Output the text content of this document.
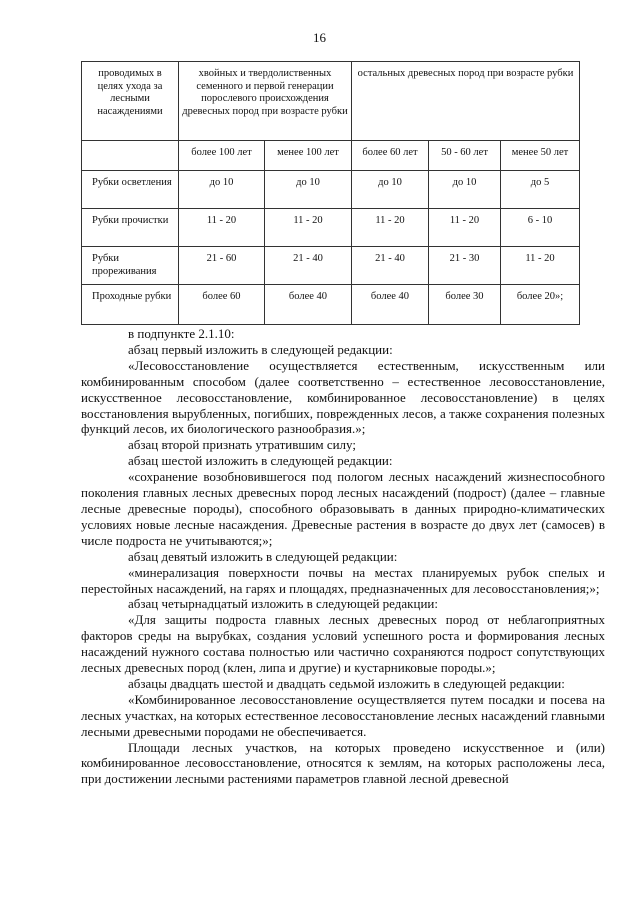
16
проводимых в целях ухода за лесными насаждениями	хвойных и твердолиственных семенного и первой генерации порослевого происхождения древесных пород при возрасте рубки		остальных древесных пород при возрасте рубки		
	более 100 лет	менее 100 лет	более 60 лет	50 - 60 лет	менее 50 лет
Рубки осветления	до 10	до 10	до 10	до 10	до 5
Рубки прочистки	11 - 20	11 - 20	11 - 20	11 - 20	6 - 10
Рубки прореживания	21 - 60	21 - 40	21 - 40	21 - 30	11 - 20
Проходные рубки	более 60	более 40	более 40	более 30	более 20»;

в подпункте 2.1.10:

абзац первый изложить в следующей редакции:

«Лесовосстановление осуществляется естественным, искусственным или комбинированным способом (далее соответственно – естественное лесовосстановление, искусственное лесовосстановление, комбинированное лесовосстановление) в целях восстановления вырубленных, погибших, поврежденных лесов, а также сохранения полезных функций лесов, их биологического разнообразия.»;

абзац второй признать утратившим силу;

абзац шестой изложить в следующей редакции:

«сохранение возобновившегося под пологом лесных насаждений жизнеспособного поколения главных лесных древесных пород лесных насаждений (подрост) (далее – главные лесные древесные породы), способного образовывать в данных природно-климатических условиях новые лесные насаждения. Древесные растения в возрасте до двух лет (самосев) в числе подроста не учитываются;»;

абзац девятый изложить в следующей редакции:

«минерализация поверхности почвы на местах планируемых рубок спелых и перестойных насаждений, на гарях и площадях, предназначенных для лесовосстановления;»;

абзац четырнадцатый изложить в следующей редакции:

«Для защиты подроста главных лесных древесных пород от неблагоприятных факторов среды на вырубках, создания условий успешного роста и формирования лесных насаждений нужного состава полностью или частично сохраняются подрост сопутствующих лесных древесных пород (клен, липа и другие) и кустарниковые породы.»;

абзацы двадцать шестой и двадцать седьмой изложить в следующей редакции:

«Комбинированное лесовосстановление осуществляется путем посадки и посева на лесных участках, на которых естественное лесовосстановление лесных насаждений главными лесными древесными породами не обеспечивается.

Площади лесных участков, на которых проведено искусственное и (или) комбинированное лесовосстановление, относятся к землям, на которых расположены леса, при достижении лесными растениями параметров главной лесной древесной
